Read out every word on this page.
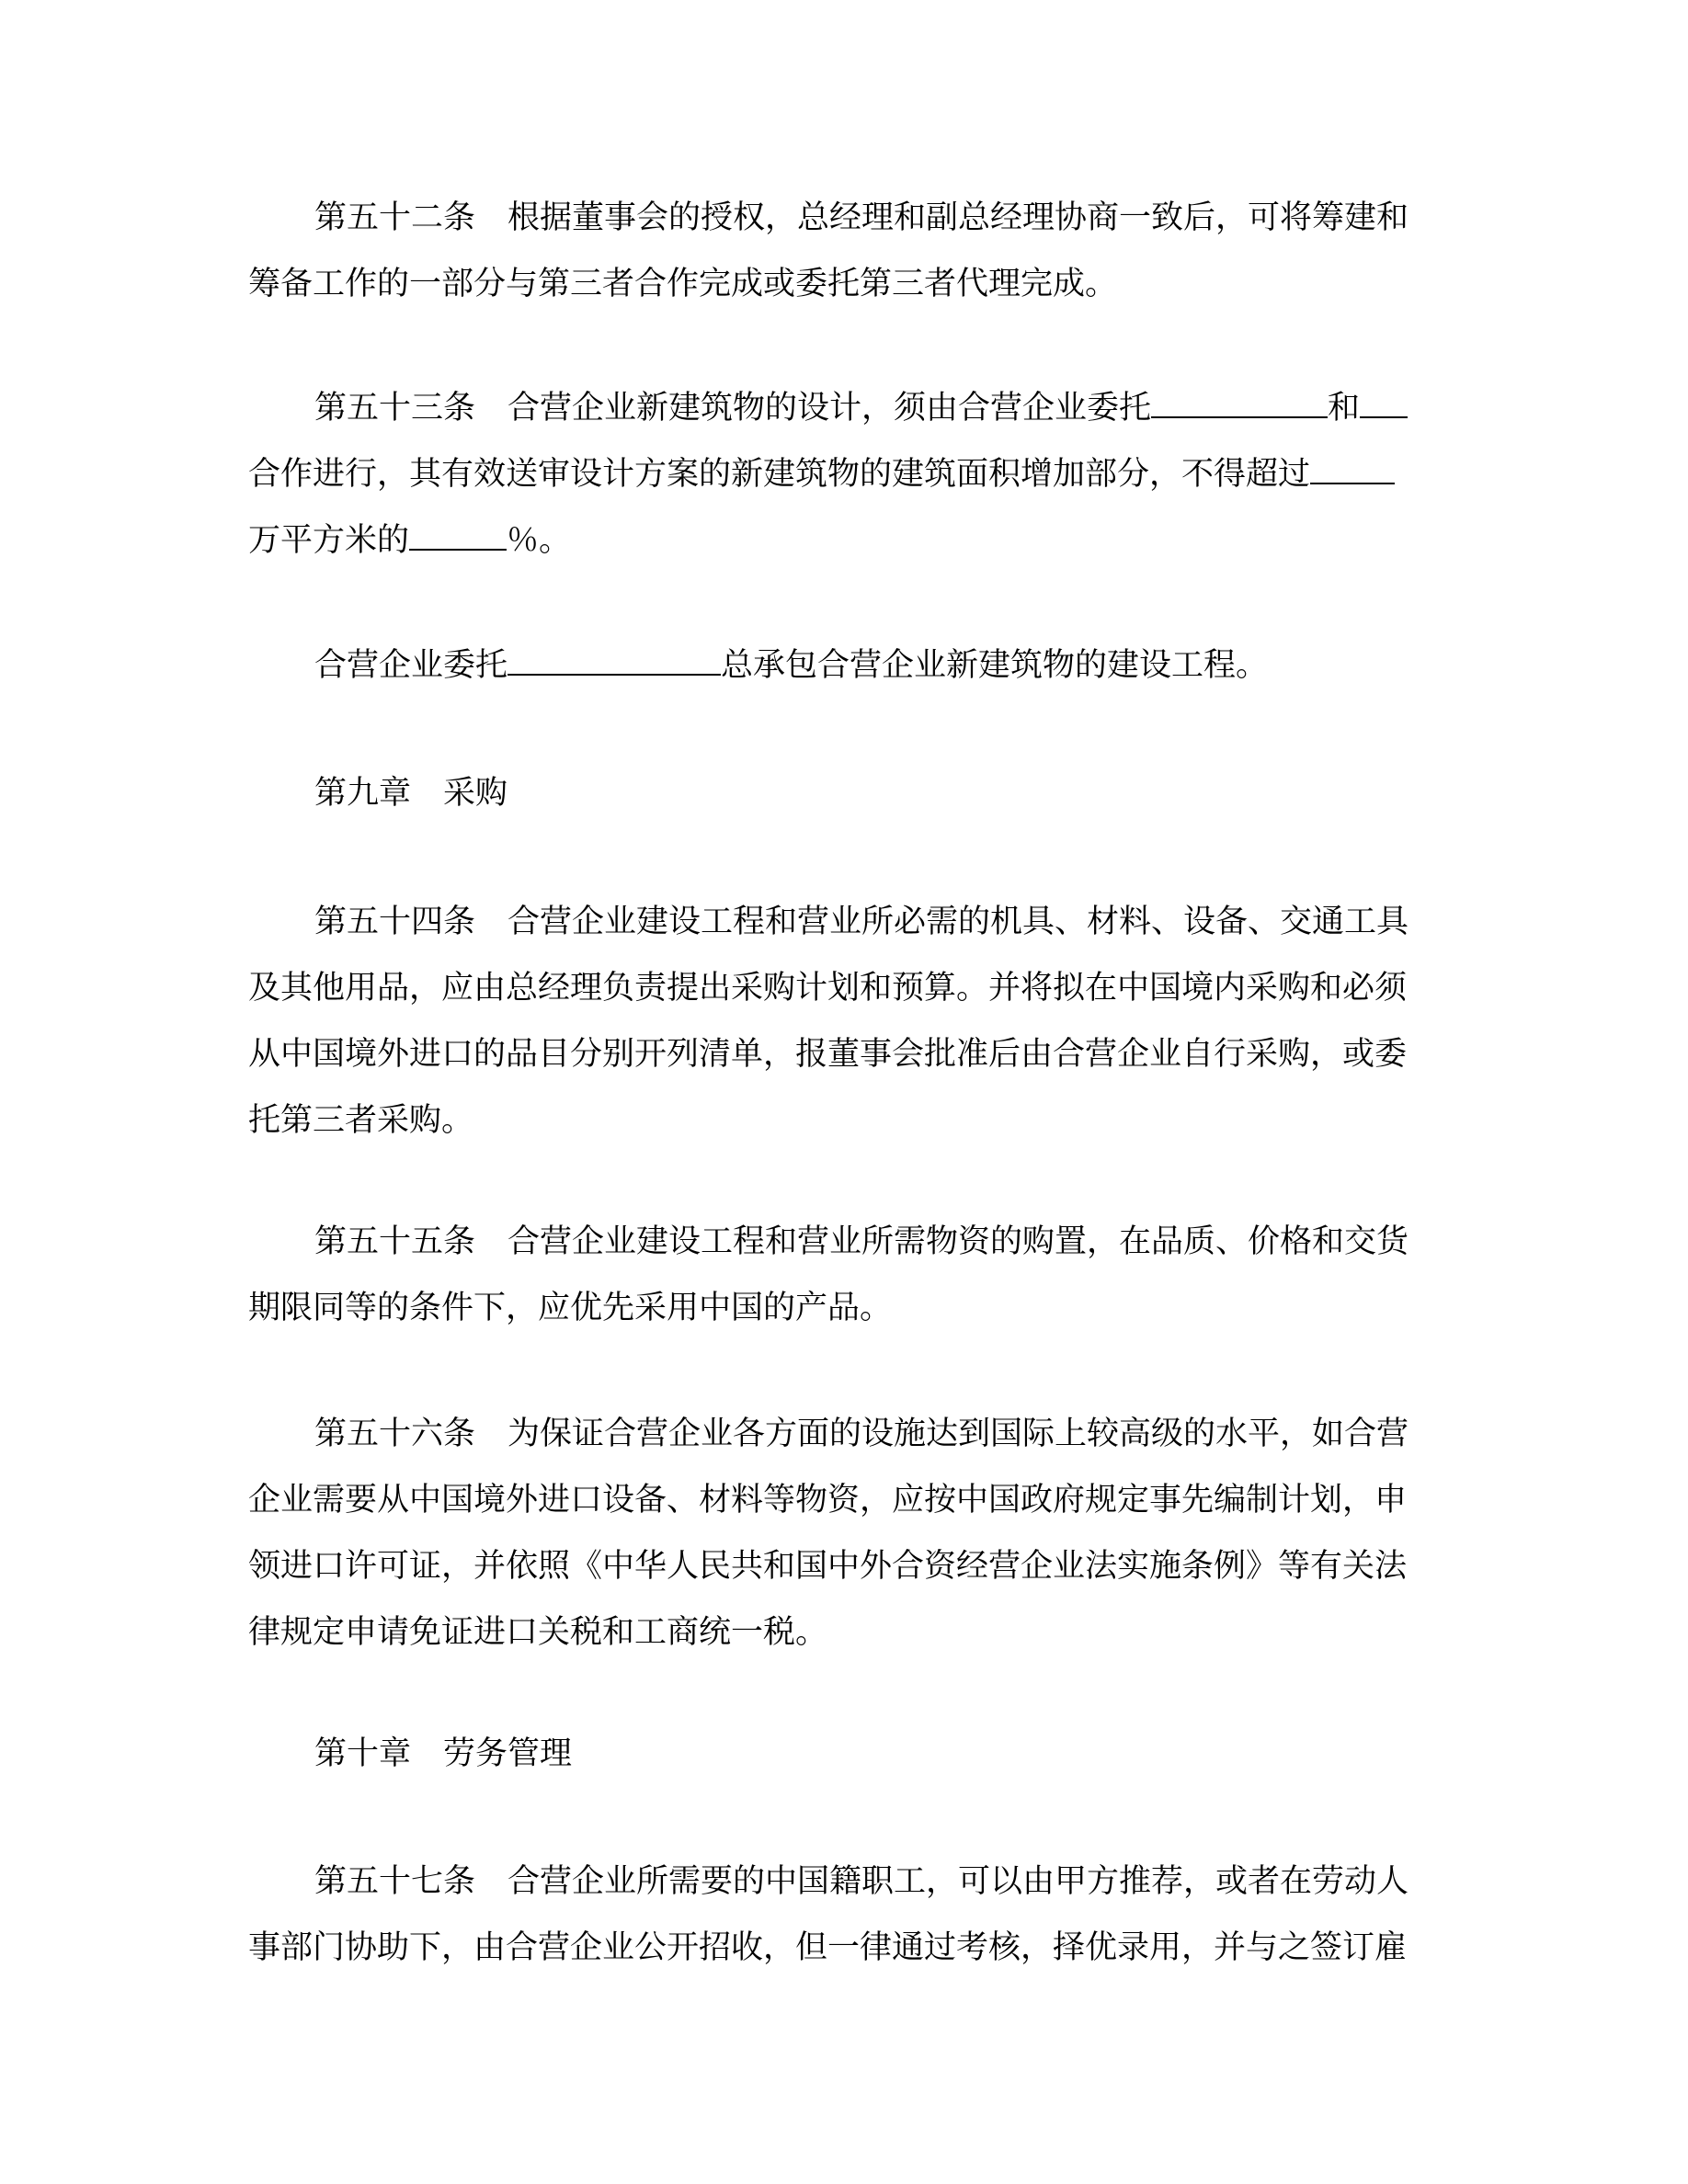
第五十二条　根据董事会的授权，总经理和副总经理协商一致后，可将筹建和
筹备工作的一部分与第三者合作完成或委托第三者代理完成。
第五十三条　合营企业新建筑物的设计，须由合营企业委托	和
合作进行，其有效送审设计方案的新建筑物的建筑面积增加部分，不得超过
万平方米的	％。
合营企业委托	总承包合营企业新建筑物的建设工程。
第九章　采购
第五十四条　合营企业建设工程和营业所必需的机具、材料、设备、交通工具
及其他用品，应由总经理负责提出采购计划和预算。并将拟在中国境内采购和必须
从中国境外进口的品目分别开列清单，报董事会批准后由合营企业自行采购，或委
托第三者采购。
第五十五条　合营企业建设工程和营业所需物资的购置，在品质、价格和交货
期限同等的条件下，应优先采用中国的产品。
第五十六条　为保证合营企业各方面的设施达到国际上较高级的水平，如合营
企业需要从中国境外进口设备、材料等物资，应按中国政府规定事先编制计划，申
领进口许可证，并依照《中华人民共和国中外合资经营企业法实施条例》等有关法
律规定申请免证进口关税和工商统一税。
第十章　劳务管理
第五十七条　合营企业所需要的中国籍职工，可以由甲方推荐，或者在劳动人
事部门协助下，由合营企业公开招收，但一律通过考核，择优录用，并与之签订雇
